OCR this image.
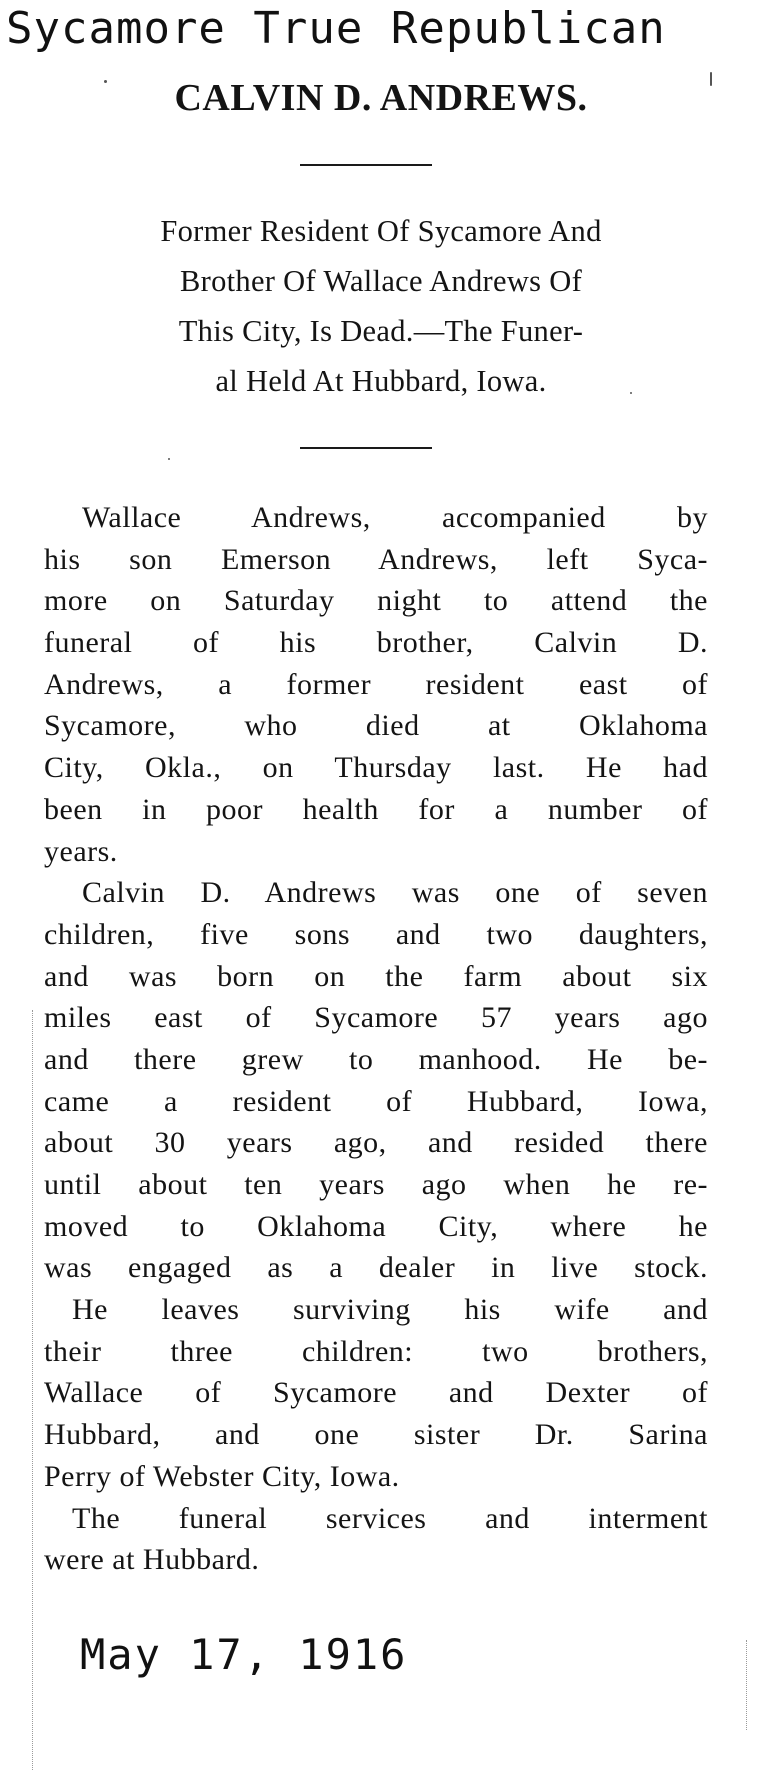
Sycamore True Republican
CALVIN D. ANDREWS.
Former Resident Of Sycamore And
Brother Of Wallace Andrews Of
This City, Is Dead.—The Funer-
al Held At Hubbard, Iowa.
Wallace Andrews, accompanied by
his son Emerson Andrews, left Syca-
more on Saturday night to attend the
funeral of his brother, Calvin D.
Andrews, a former resident east of
Sycamore, who died at Oklahoma
City, Okla., on Thursday last. He had
been in poor health for a number of
years.
Calvin D. Andrews was one of seven
children, five sons and two daughters,
and was born on the farm about six
miles east of Sycamore 57 years ago
and there grew to manhood. He be-
came a resident of Hubbard, Iowa,
about 30 years ago, and resided there
until about ten years ago when he re-
moved to Oklahoma City, where he
was engaged as a dealer in live stock.
He leaves surviving his wife and
their three children: two brothers,
Wallace of Sycamore and Dexter of
Hubbard, and one sister Dr. Sarina
Perry of Webster City, Iowa.
The funeral services and interment
were at Hubbard.
May 17, 1916
